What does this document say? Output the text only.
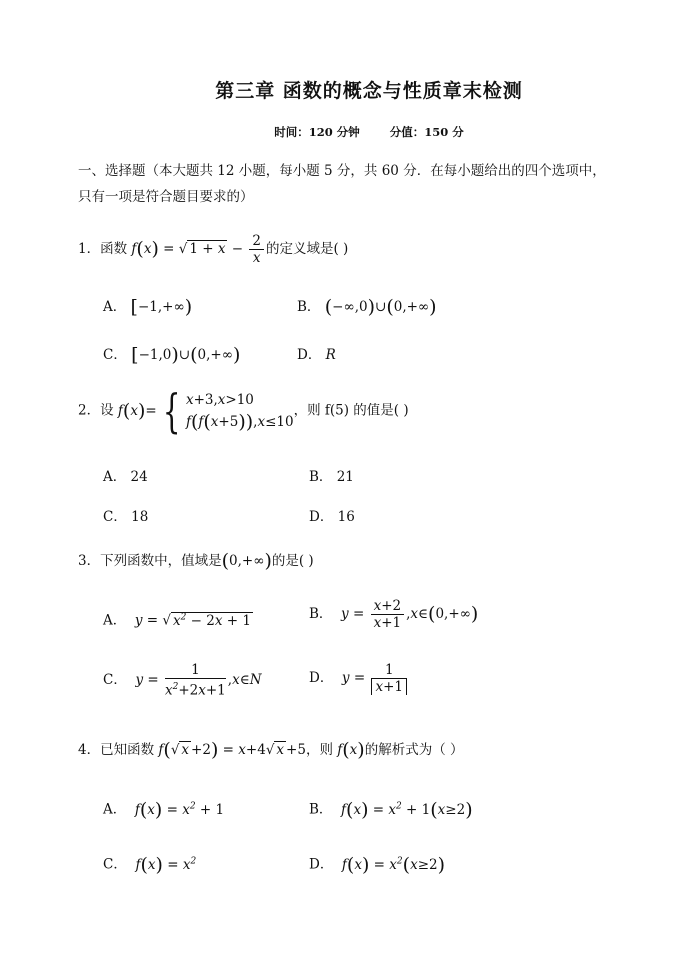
第三章 函数的概念与性质章末检测
时间：120 分钟	分值：150 分
一、选择题（本大题共 12 小题，每小题 5 分，共 60 分．在每小题给出的四个选项中，
只有一项是符合题目要求的）
1．函数 f(x) = √ $1 + x - \frac{2}{x}$ 的定义域是( )
A． [−1,+∞)	B． (−∞,0)∪(0,+∞)
C． [−1,0)∪(0,+∞)	D． R
2．设 f(x)= { x+3,x>10
f(f(x+5)),x≤10
，则 f(5) 的值是( )
A． 24	B． 21
C． 18	D． 16
3．下列函数中，值域是(0,+∞)的是( )
A． y = √ $x^2 - 2x + 1$	B． $y = \frac{x+2}{x+1}$ ,x∈(0,+∞)
C． $y = \frac{1}{x^2+2x+1}$ ,x∈N	D． $y = \frac{1}{x+1}$
4．已知函数 f(√ x +2) = x+4√ x +5，则 f(x)的解析式为（ ）
A． $f(x) = x^2 + 1$	B． $f(x) = x^2 + 1(x\ge 2)$
C． $f(x) = x^2$	D． $f(x) = x^2(x\ge 2)$
